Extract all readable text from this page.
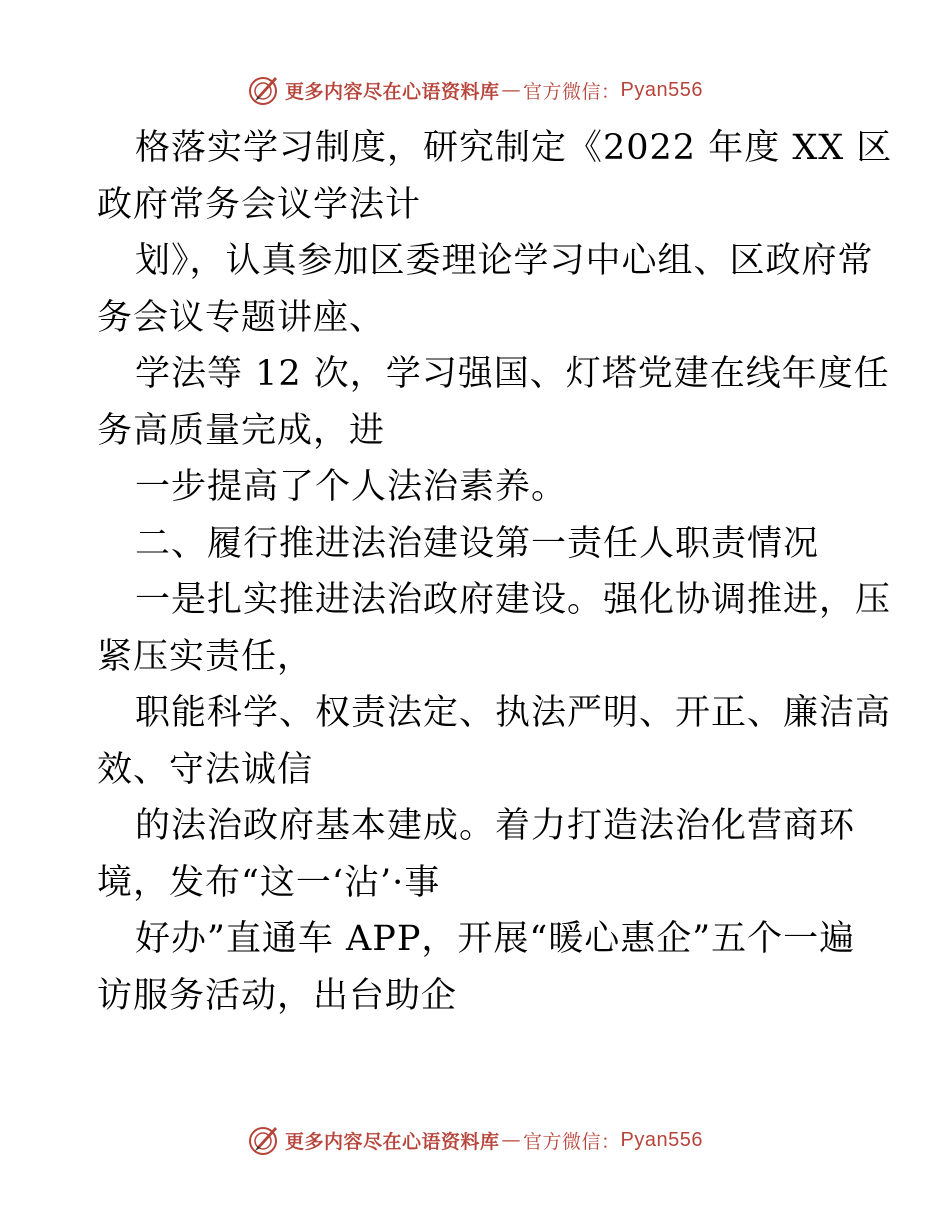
更多内容尽在心语资料库 — 官方微信： Pyan556
格落实学习制度，研究制定《2022 年度 XX 区
政府常务会议学法计
划》，认真参加区委理论学习中心组、区政府常
务会议专题讲座、
学法等 12 次，学习强国、灯塔党建在线年度任
务高质量完成，进
一步提高了个人法治素养。
二、履行推进法治建设第一责任人职责情况
一是扎实推进法治政府建设。强化协调推进，压
紧压实责任，
职能科学、权责法定、执法严明、开正、廉洁高
效、守法诚信
的法治政府基本建成。着力打造法治化营商环
境，发布“这一‘沾’·事
好办”直通车 APP，开展“暖心惠企”五个一遍
访服务活动，出台助企
更多内容尽在心语资料库 — 官方微信： Pyan556
